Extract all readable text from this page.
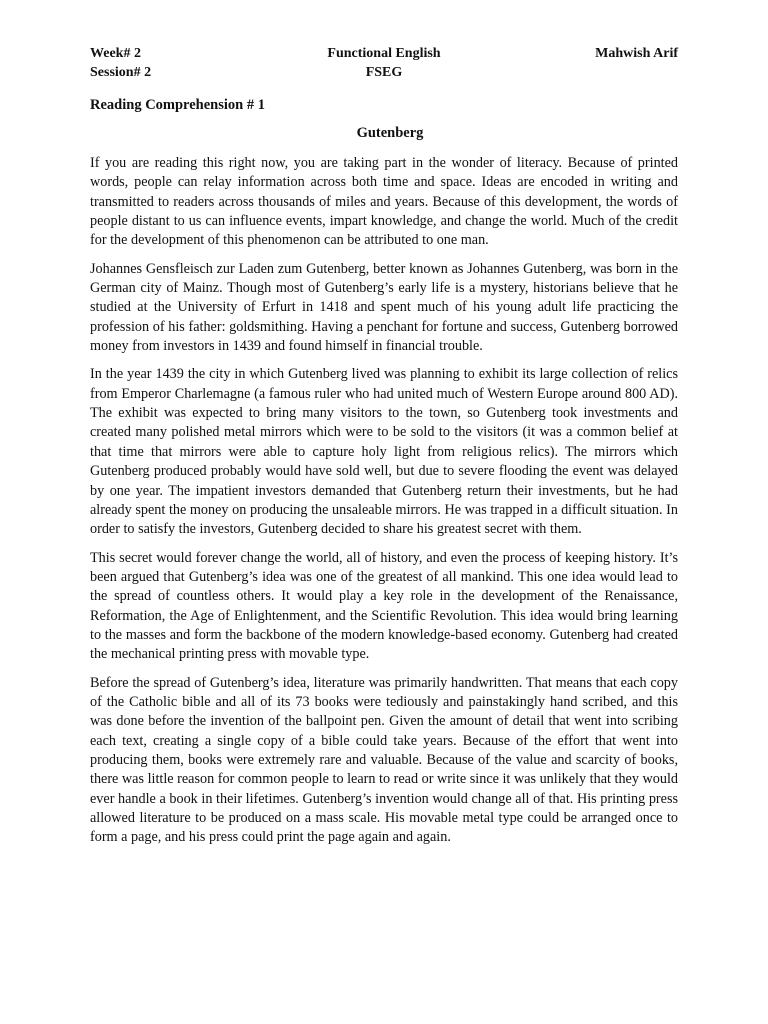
Week# 2	Functional English	Mahwish Arif
Session# 2	FSEG
Reading Comprehension # 1
Gutenberg

If you are reading this right now, you are taking part in the wonder of literacy. Because of printed words, people can relay information across both time and space. Ideas are encoded in writing and transmitted to readers across thousands of miles and years. Because of this development, the words of people distant to us can influence events, impart knowledge, and change the world. Much of the credit for the development of this phenomenon can be attributed to one man.

Johannes Gensfleisch zur Laden zum Gutenberg, better known as Johannes Gutenberg, was born in the German city of Mainz. Though most of Gutenberg’s early life is a mystery, historians believe that he studied at the University of Erfurt in 1418 and spent much of his young adult life practicing the profession of his father: goldsmithing. Having a penchant for fortune and success, Gutenberg borrowed money from investors in 1439 and found himself in financial trouble.

In the year 1439 the city in which Gutenberg lived was planning to exhibit its large collection of relics from Emperor Charlemagne (a famous ruler who had united much of Western Europe around 800 AD). The exhibit was expected to bring many visitors to the town, so Gutenberg took investments and created many polished metal mirrors which were to be sold to the visitors (it was a common belief at that time that mirrors were able to capture holy light from religious relics). The mirrors which Gutenberg produced probably would have sold well, but due to severe flooding the event was delayed by one year. The impatient investors demanded that Gutenberg return their investments, but he had already spent the money on producing the unsaleable mirrors. He was trapped in a difficult situation. In order to satisfy the investors, Gutenberg decided to share his greatest secret with them.

This secret would forever change the world, all of history, and even the process of keeping history. It’s been argued that Gutenberg’s idea was one of the greatest of all mankind. This one idea would lead to the spread of countless others. It would play a key role in the development of the Renaissance, Reformation, the Age of Enlightenment, and the Scientific Revolution. This idea would bring learning to the masses and form the backbone of the modern knowledge-based economy. Gutenberg had created the mechanical printing press with movable type.

Before the spread of Gutenberg’s idea, literature was primarily handwritten. That means that each copy of the Catholic bible and all of its 73 books were tediously and painstakingly hand scribed, and this was done before the invention of the ballpoint pen. Given the amount of detail that went into scribing each text, creating a single copy of a bible could take years. Because of the effort that went into producing them, books were extremely rare and valuable. Because of the value and scarcity of books, there was little reason for common people to learn to read or write since it was unlikely that they would ever handle a book in their lifetimes. Gutenberg’s invention would change all of that. His printing press allowed literature to be produced on a mass scale. His movable metal type could be arranged once to form a page, and his press could print the page again and again.
